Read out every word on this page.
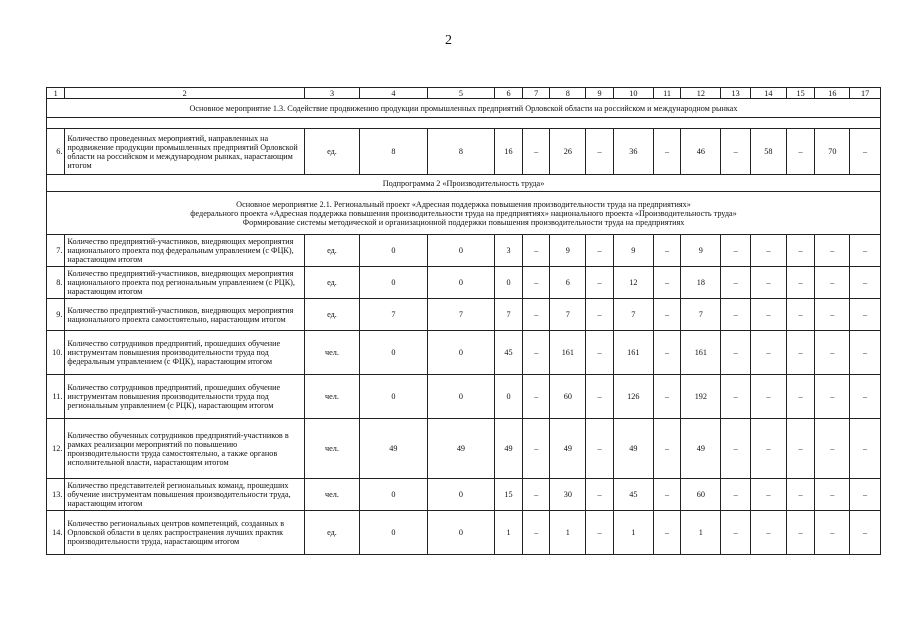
2
1	2	3	4	5	6	7	8	9	10	11	12	13	14	15	16	17
Основное мероприятие 1.3. Содействие продвижению продукции промышленных предприятий Орловской области на российском и международном рынках																

6.	Количество проведенных мероприятий, направленных на продвижение продукции промышленных предприятий Орловской области на российском и международном рынках, нарастающим итогом	ед.	8	8	16	–	26	–	36	–	46	–	58	–	70	–
Подпрограмма 2 «Производительность труда»																

Основное мероприятие 2.1. Региональный проект «Адресная поддержка повышения производительности труда на предприятиях»
федерального проекта «Адресная поддержка повышения производительности труда на предприятиях» национального проекта «Производительность труда»
Формирование системы методической и организационной поддержки повышения производительности труда на предприятиях																

7.	Количество предприятий-участников, внедряющих мероприятия национального проекта под федеральным управлением (с ФЦК), нарастающим итогом	ед.	0	0	3	–	9	–	9	–	9	–	–	–	–	–
8.	Количество предприятий-участников, внедряющих мероприятия национального проекта под региональным управлением (с РЦК), нарастающим итогом	ед.	0	0	0	–	6	–	12	–	18	–	–	–	–	–
9.	Количество предприятий-участников, внедряющих мероприятия национального проекта самостоятельно, нарастающим итогом	ед.	7	7	7	–	7	–	7	–	7	–	–	–	–	–
10.	Количество сотрудников предприятий, прошедших обучение инструментам повышения производительности труда под федеральным управлением (с ФЦК), нарастающим итогом	чел.	0	0	45	–	161	–	161	–	161	–	–	–	–	–
11.	Количество сотрудников предприятий, прошедших обучение инструментам повышения производительности труда под региональным управлением (с РЦК), нарастающим итогом	чел.	0	0	0	–	60	–	126	–	192	–	–	–	–	–
12.	Количество обученных сотрудников предприятий-участников в рамках реализации мероприятий по повышению производительности труда самостоятельно, а также органов исполнительной власти, нарастающим итогом	чел.	49	49	49	–	49	–	49	–	49	–	–	–	–	–
13.	Количество представителей региональных команд, прошедших обучение инструментам повышения производительности труда, нарастающим итогом	чел.	0	0	15	–	30	–	45	–	60	–	–	–	–	–
14.	Количество региональных центров компетенций, созданных в Орловской области в целях распространения лучших практик производительности труда, нарастающим итогом	ед.	0	0	1	–	1	–	1	–	1	–	–	–	–	–
